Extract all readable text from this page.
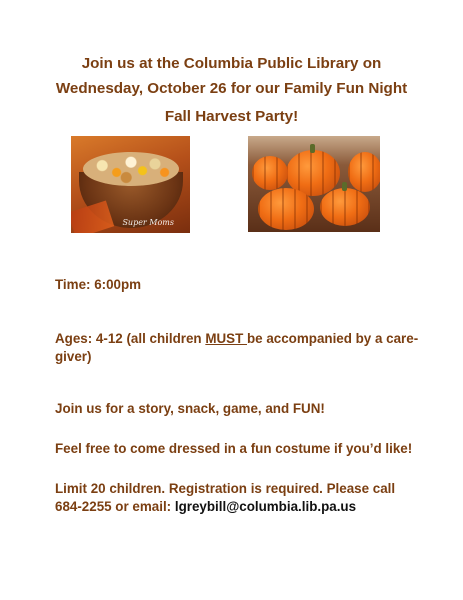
Join us at the Columbia Public Library on
Wednesday, October 26 for our Family Fun Night
Fall Harvest Party!
Super Moms
Time: 6:00pm
Ages: 4-12 (all children MUST be accompanied by a care-
giver)
Join us for a story, snack, game, and FUN!
Feel free to come dressed in a fun costume if you’d like!
Limit 20 children. Registration is required. Please call
684-2255 or email: lgreybill@columbia.lib.pa.us
